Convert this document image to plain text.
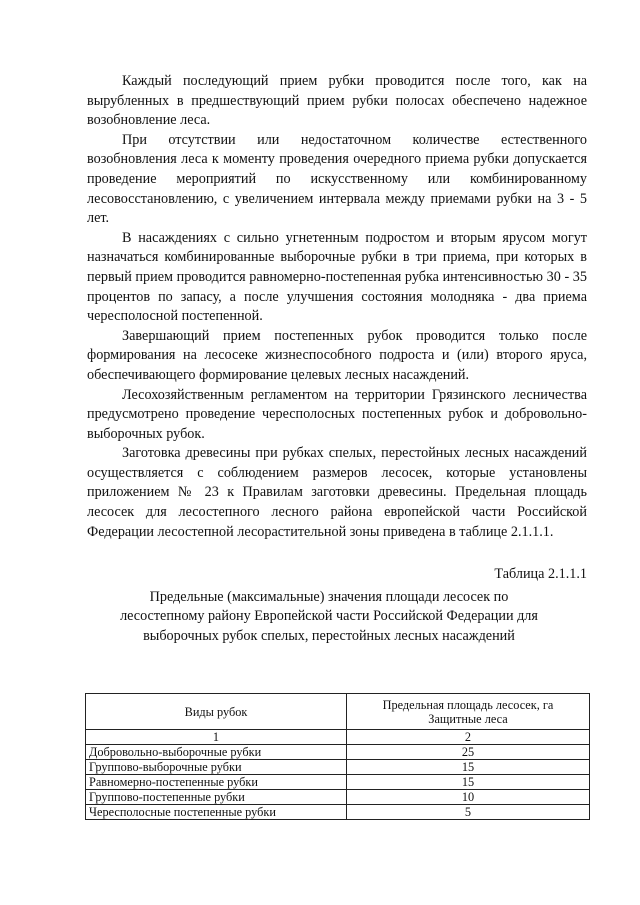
Каждый последующий прием рубки проводится после того, как на вырубленных в предшествующий прием рубки полосах обеспечено надежное возобновление леса.

При отсутствии или недостаточном количестве естественного возобновления леса к моменту проведения очередного приема рубки допускается проведение мероприятий по искусственному или комбинированному лесовосстановлению, с увеличением интервала между приемами рубки на 3 - 5 лет.

В насаждениях с сильно угнетенным подростом и вторым ярусом могут назначаться комбинированные выборочные рубки в три приема, при которых в первый прием проводится равномерно-постепенная рубка интенсивностью 30 - 35 процентов по запасу, а после улучшения состояния молодняка - два приема чересполосной постепенной.

Завершающий прием постепенных рубок проводится только после формирования на лесосеке жизнеспособного подроста и (или) второго яруса, обеспечивающего формирование целевых лесных насаждений.

Лесохозяйственным регламентом на территории Грязинского лесничества предусмотрено проведение чересполосных постепенных рубок и добровольно-выборочных рубок.

Заготовка древесины при рубках спелых, перестойных лесных насаждений осуществляется с соблюдением размеров лесосек, которые установлены приложением № 23 к Правилам заготовки древесины. Предельная площадь лесосек для лесостепного лесного района европейской части Российской Федерации лесостепной лесорастительной зоны приведена в таблице 2.1.1.1.

Таблица 2.1.1.1
Предельные (максимальные) значения площади лесосек по
лесостепному району Европейской части Российской Федерации для
выборочных рубок спелых, перестойных лесных насаждений
Виды рубок	Предельная площадь лесосек, га
Защитные леса

1	2
Добровольно-выборочные рубки	25
Группово-выборочные рубки	15
Равномерно-постепенные рубки	15
Группово-постепенные рубки	10
Чересполосные постепенные рубки	5
